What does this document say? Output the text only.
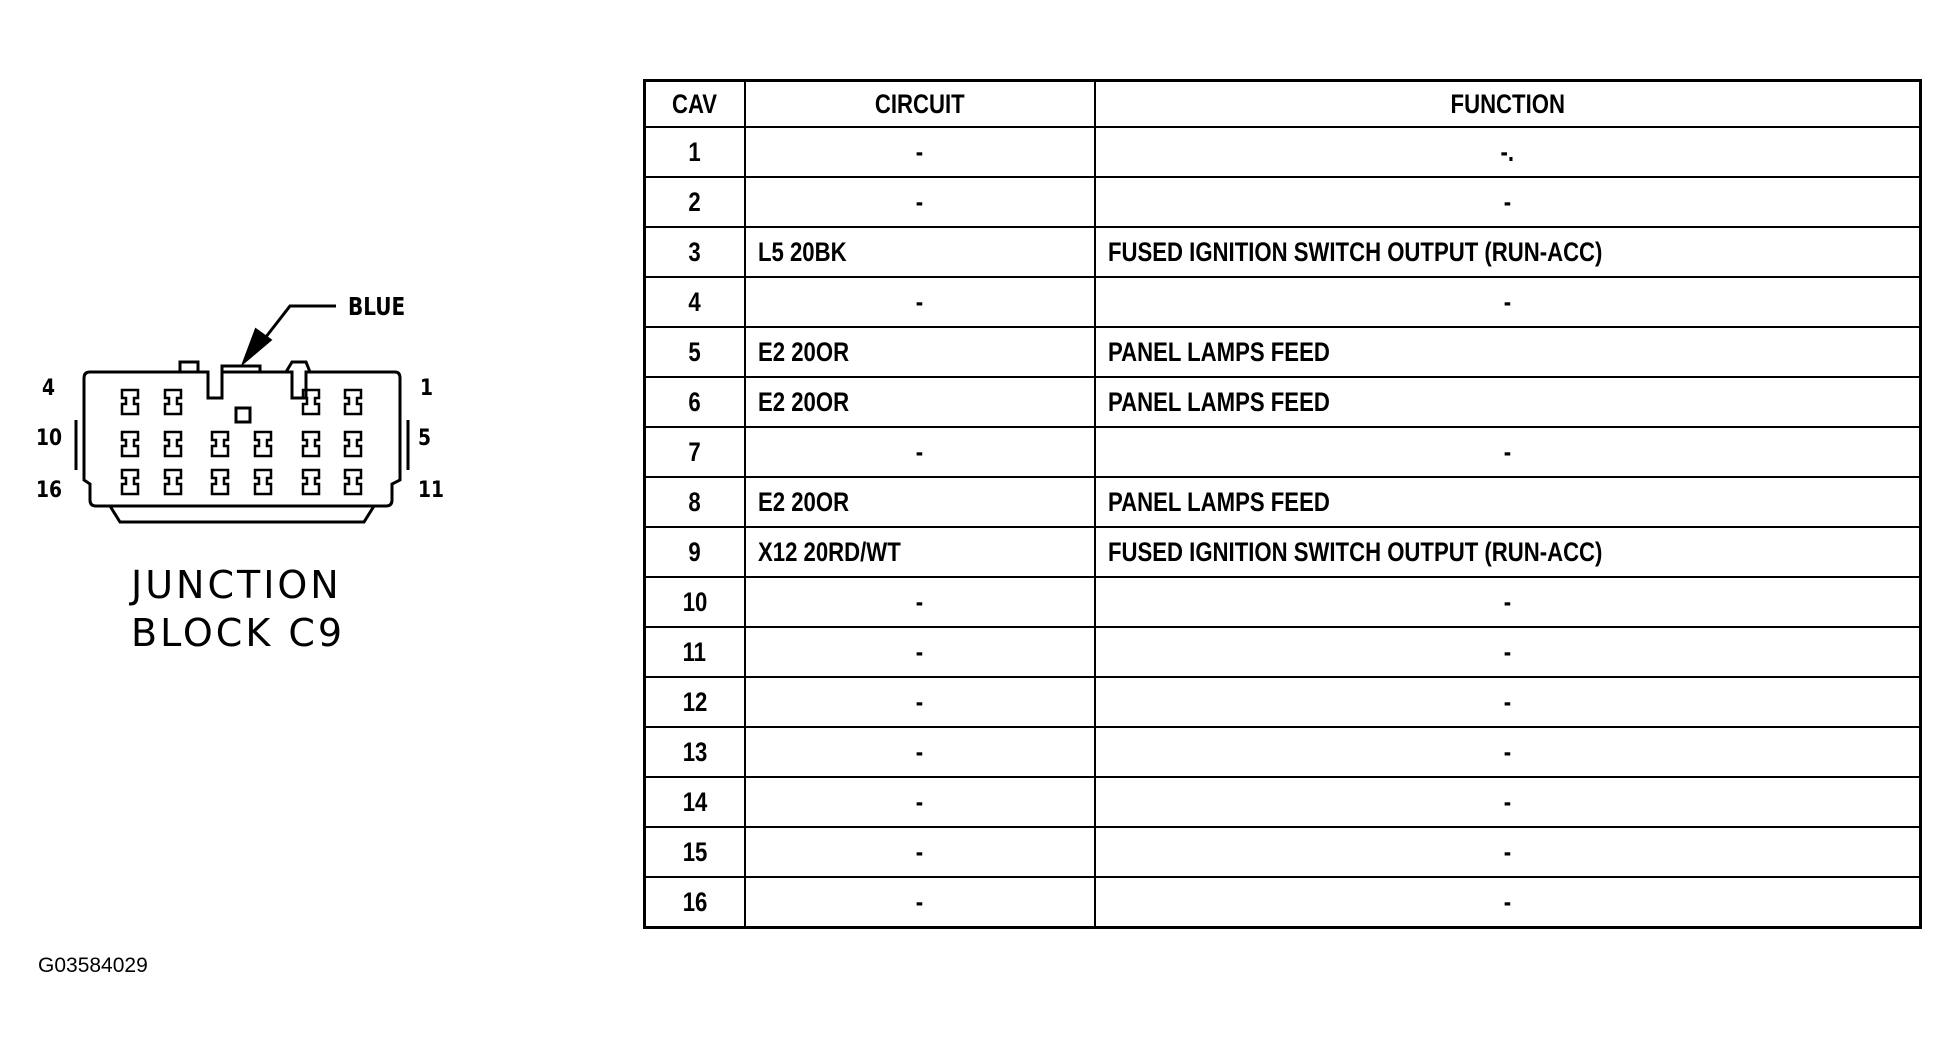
4
10
16
1
5
11
BLUE
JUNCTION
BLOCK C9
CAV	CIRCUIT	FUNCTION
1	-	-.
2	-	-
3	L5 20BK	FUSED IGNITION SWITCH OUTPUT (RUN-ACC)
4	-	-
5	E2 20OR	PANEL LAMPS FEED
6	E2 20OR	PANEL LAMPS FEED
7	-	-
8	E2 20OR	PANEL LAMPS FEED
9	X12 20RD/WT	FUSED IGNITION SWITCH OUTPUT (RUN-ACC)
10	-	-
11	-	-
12	-	-
13	-	-
14	-	-
15	-	-
16	-	-
G03584029
